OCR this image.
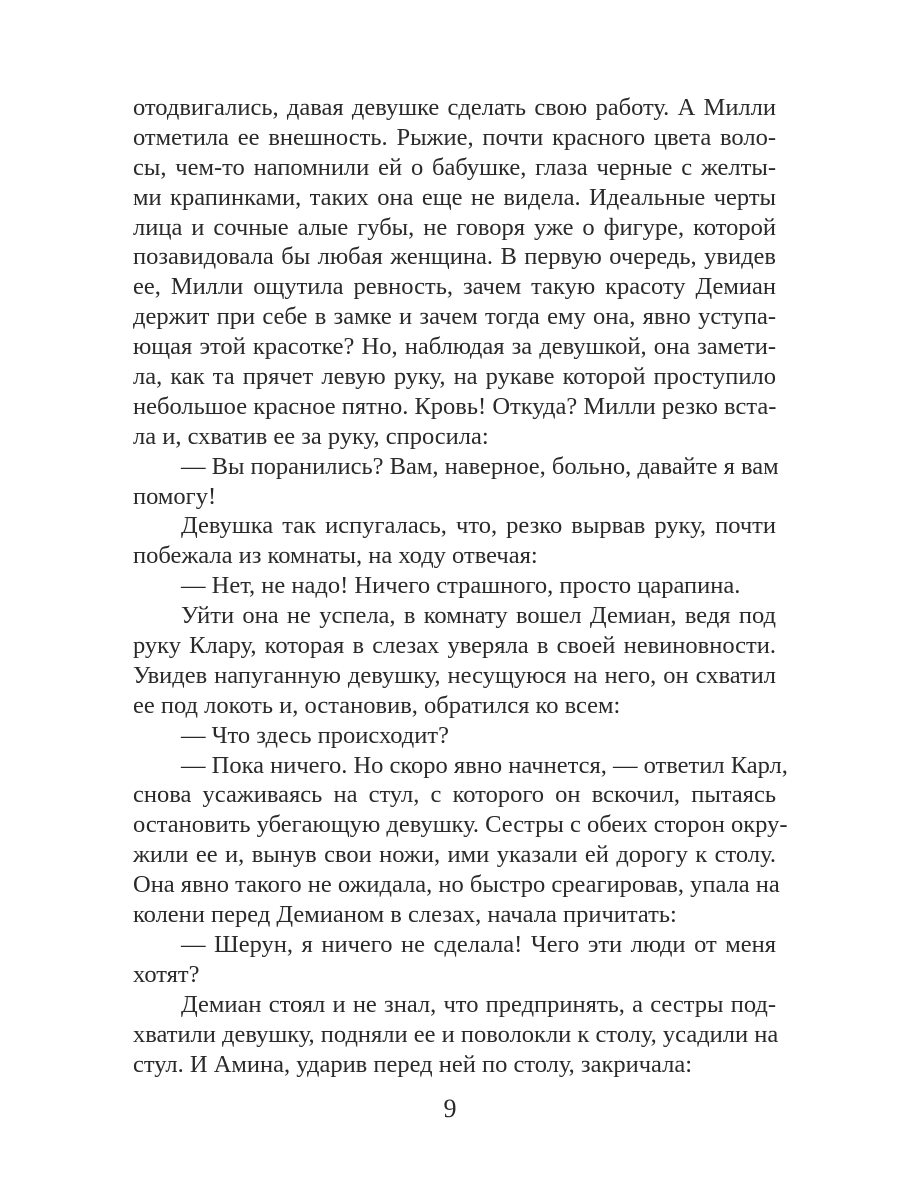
отодвигались, давая девушке сделать свою работу. А Милли
отметила ее внешность. Рыжие, почти красного цвета воло-
сы, чем-то напомнили ей о бабушке, глаза черные с желты-
ми крапинками, таких она еще не видела. Идеальные черты
лица и сочные алые губы, не говоря уже о фигуре, которой
позавидовала бы любая женщина. В первую очередь, увидев
ее, Милли ощутила ревность, зачем такую красоту Демиан
держит при себе в замке и зачем тогда ему она, явно уступа-
ющая этой красотке? Но, наблюдая за девушкой, она замети-
ла, как та прячет левую руку, на рукаве которой проступило
небольшое красное пятно. Кровь! Откуда? Милли резко вста-
ла и, схватив ее за руку, спросила:
— Вы поранились? Вам, наверное, больно, давайте я вам
помогу!
Девушка так испугалась, что, резко вырвав руку, почти
побежала из комнаты, на ходу отвечая:
— Нет, не надо! Ничего страшного, просто царапина.
Уйти она не успела, в комнату вошел Демиан, ведя под
руку Клару, которая в слезах уверяла в своей невиновности.
Увидев напуганную девушку, несущуюся на него, он схватил
ее под локоть и, остановив, обратился ко всем:
— Что здесь происходит?
— Пока ничего. Но скоро явно начнется, — ответил Карл,
снова усаживаясь на стул, с которого он вскочил, пытаясь
остановить убегающую девушку. Сестры с обеих сторон окру-
жили ее и, вынув свои ножи, ими указали ей дорогу к столу.
Она явно такого не ожидала, но быстро среагировав, упала на
колени перед Демианом в слезах, начала причитать:
— Шерун, я ничего не сделала! Чего эти люди от меня
хотят?
Демиан стоял и не знал, что предпринять, а сестры под-
хватили девушку, подняли ее и поволокли к столу, усадили на
стул. И Амина, ударив перед ней по столу, закричала:
9
